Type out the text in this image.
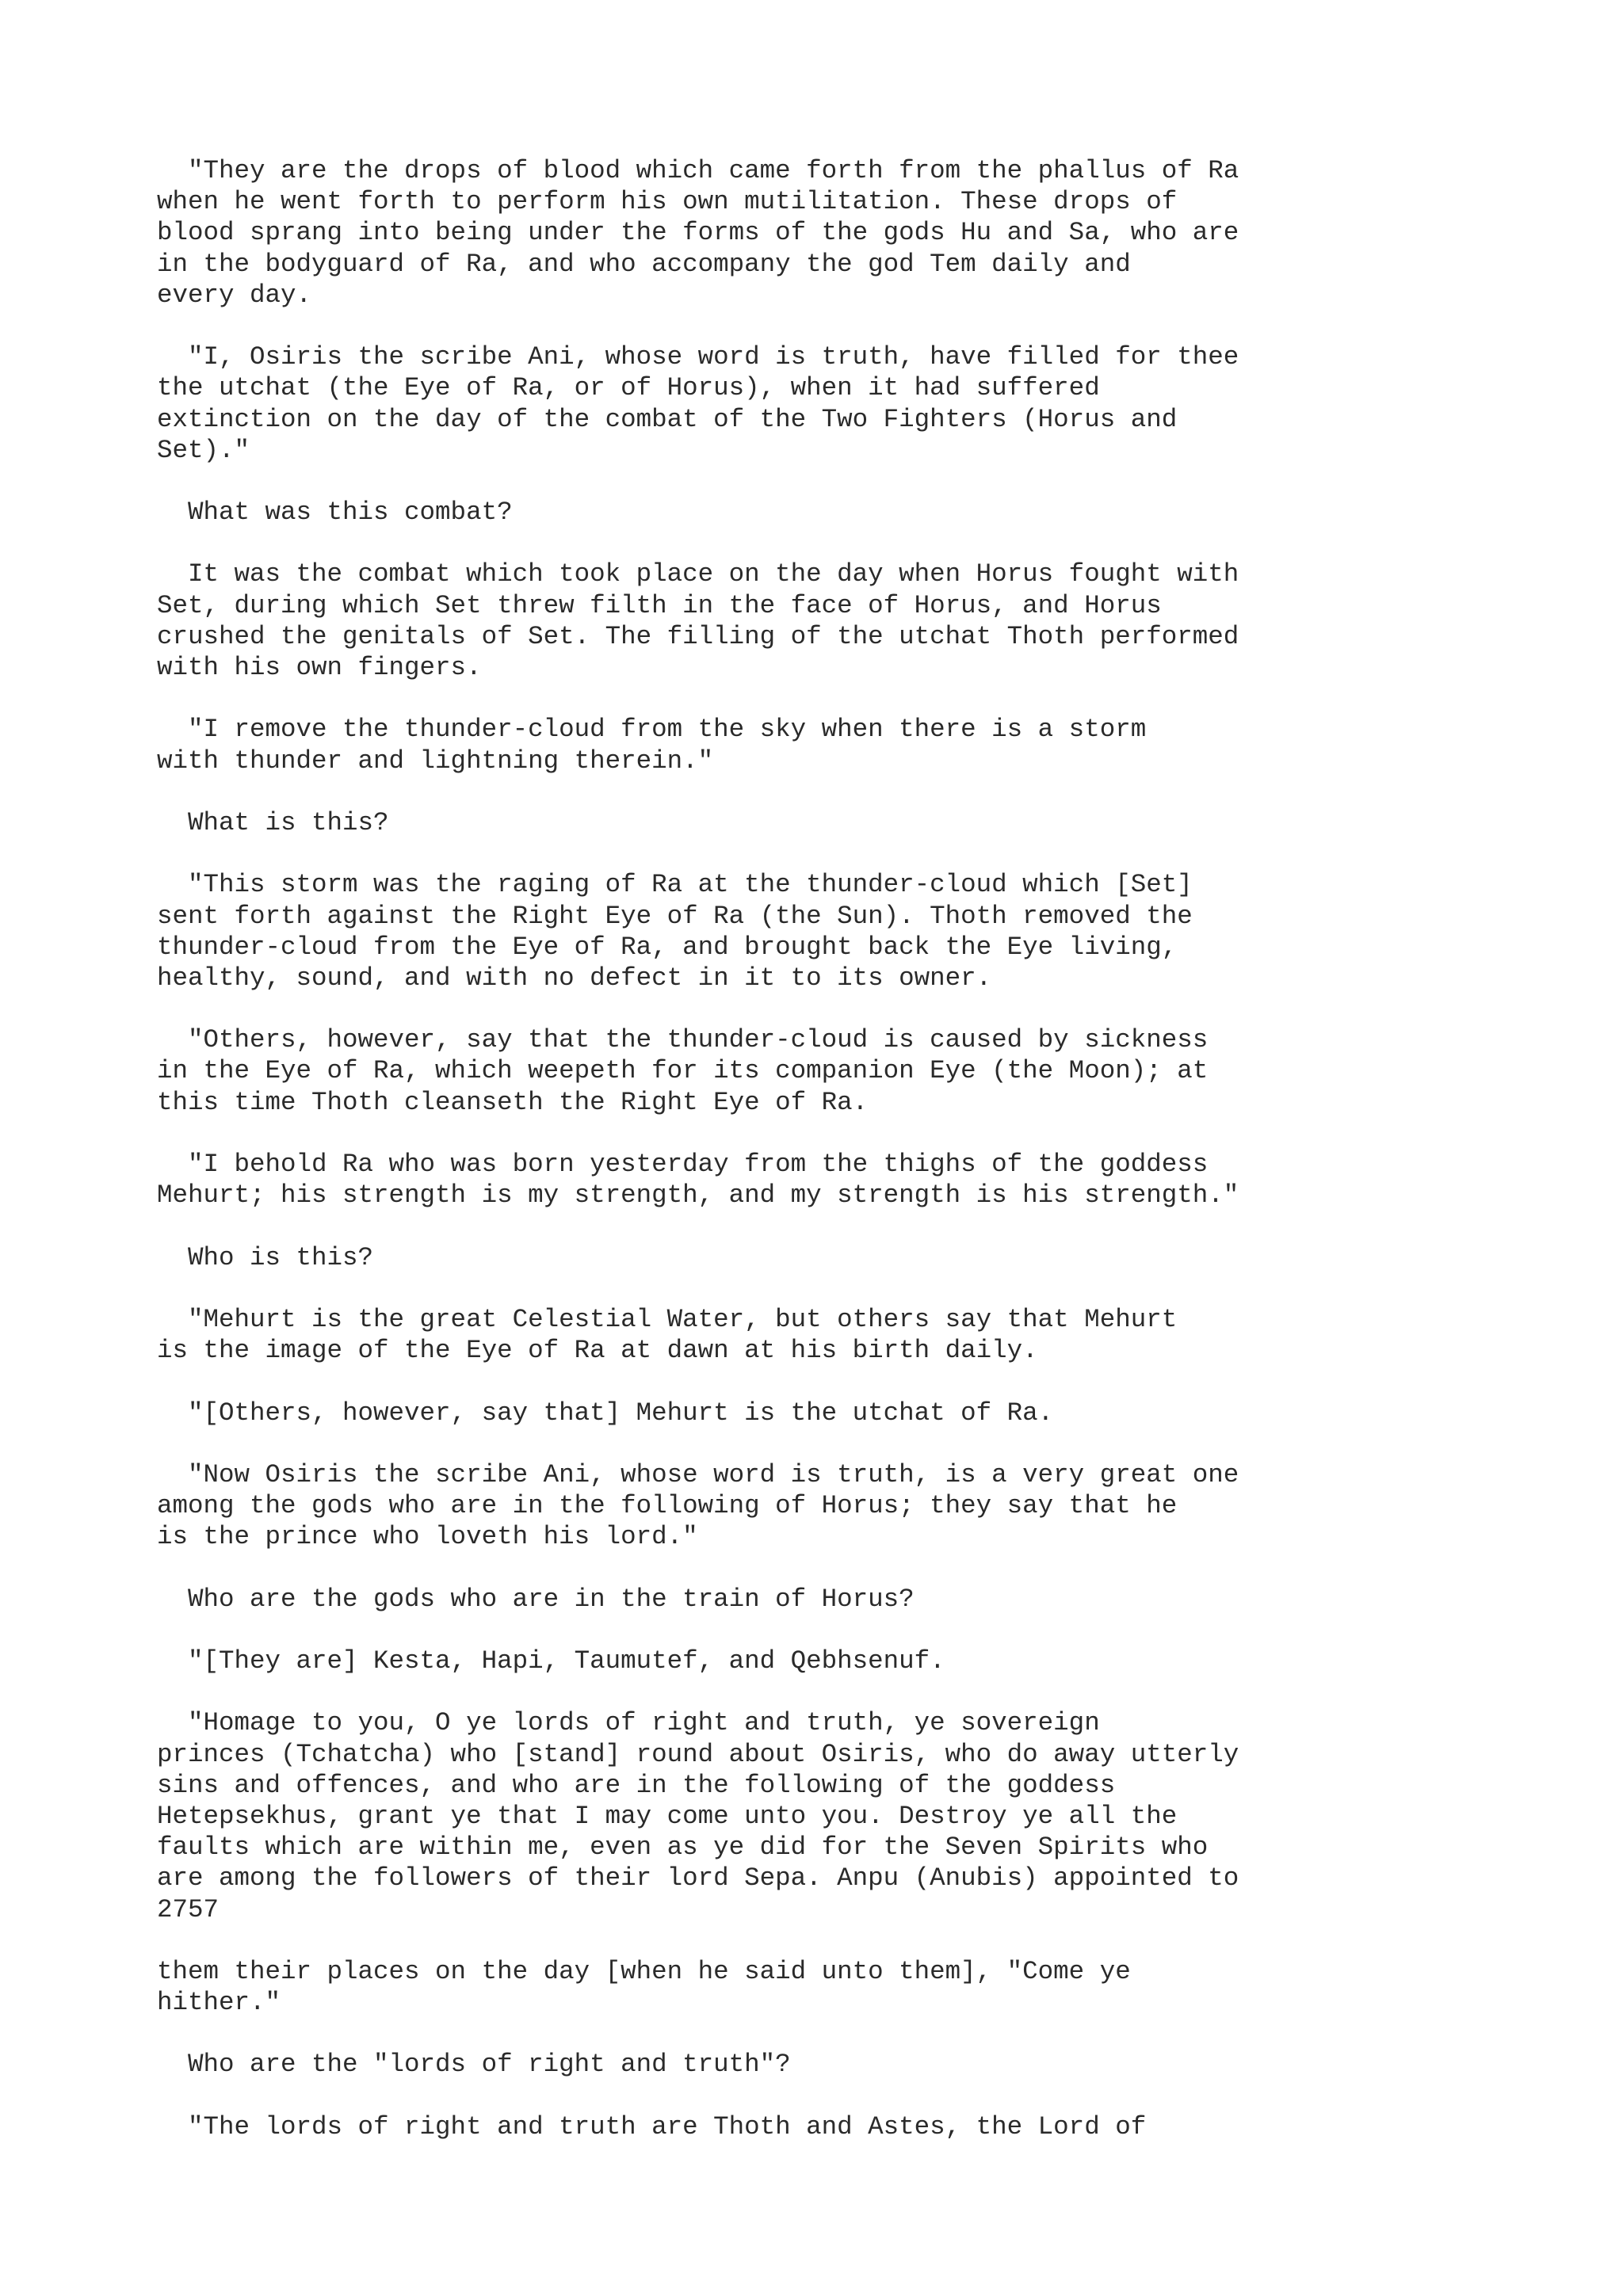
"They are the drops of blood which came forth from the phallus of Ra
when he went forth to perform his own mutilitation. These drops of
blood sprang into being under the forms of the gods Hu and Sa, who are
in the bodyguard of Ra, and who accompany the god Tem daily and
every day.
"I, Osiris the scribe Ani, whose word is truth, have filled for thee
the utchat (the Eye of Ra, or of Horus), when it had suffered
extinction on the day of the combat of the Two Fighters (Horus and
Set)."
What was this combat?
It was the combat which took place on the day when Horus fought with
Set, during which Set threw filth in the face of Horus, and Horus
crushed the genitals of Set. The filling of the utchat Thoth performed
with his own fingers.
"I remove the thunder-cloud from the sky when there is a storm
with thunder and lightning therein."
What is this?
"This storm was the raging of Ra at the thunder-cloud which [Set]
sent forth against the Right Eye of Ra (the Sun). Thoth removed the
thunder-cloud from the Eye of Ra, and brought back the Eye living,
healthy, sound, and with no defect in it to its owner.
"Others, however, say that the thunder-cloud is caused by sickness
in the Eye of Ra, which weepeth for its companion Eye (the Moon); at
this time Thoth cleanseth the Right Eye of Ra.
"I behold Ra who was born yesterday from the thighs of the goddess
Mehurt; his strength is my strength, and my strength is his strength."
Who is this?
"Mehurt is the great Celestial Water, but others say that Mehurt
is the image of the Eye of Ra at dawn at his birth daily.
"[Others, however, say that] Mehurt is the utchat of Ra.
"Now Osiris the scribe Ani, whose word is truth, is a very great one
among the gods who are in the following of Horus; they say that he
is the prince who loveth his lord."
Who are the gods who are in the train of Horus?
"[They are] Kesta, Hapi, Taumutef, and Qebhsenuf.
"Homage to you, O ye lords of right and truth, ye sovereign
princes (Tchatcha) who [stand] round about Osiris, who do away utterly
sins and offences, and who are in the following of the goddess
Hetepsekhus, grant ye that I may come unto you. Destroy ye all the
faults which are within me, even as ye did for the Seven Spirits who
are among the followers of their lord Sepa. Anpu (Anubis) appointed to
2757
them their places on the day [when he said unto them], "Come ye
hither."
Who are the "lords of right and truth"?
"The lords of right and truth are Thoth and Astes, the Lord of
